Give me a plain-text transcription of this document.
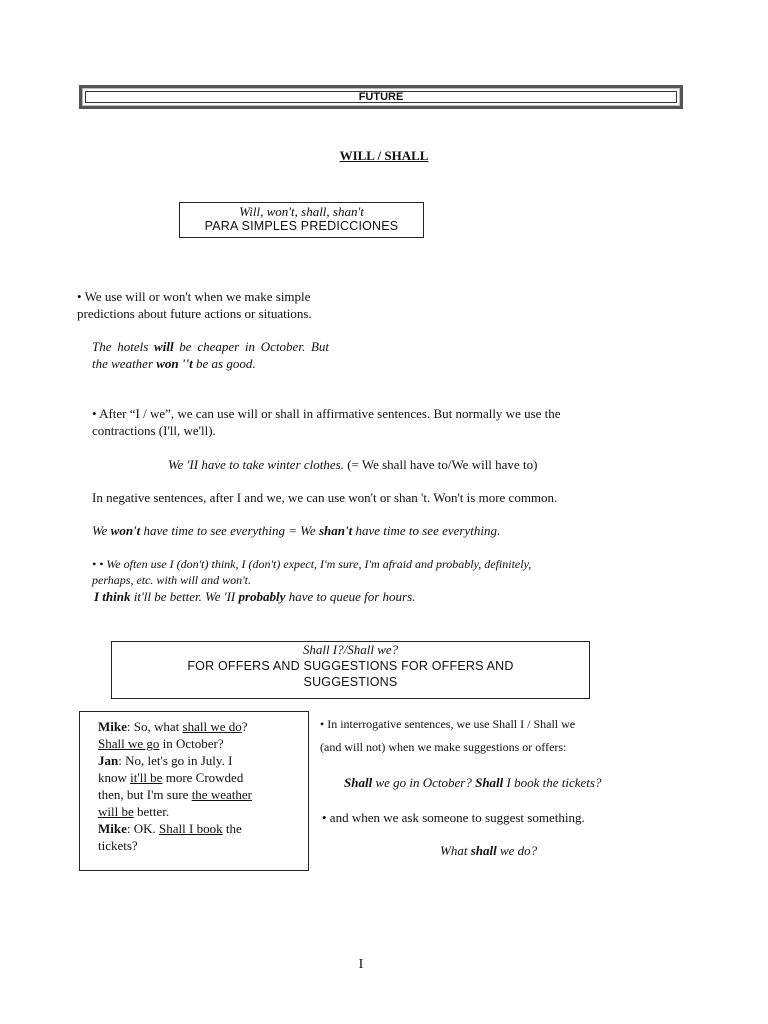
FUTURE
WILL / SHALL
Will, won't, shall, shan't
PARA SIMPLES PREDICCIONES
• We use will or won't when we make simple
predictions about future actions or situations.
The hotels will be cheaper in October. But the weather won ''t be as good.
• After “I / we”, we can use will or shall in affirmative sentences. But normally we use the
contractions (I'll, we'll).
We 'II have to take winter clothes. (= We shall have to/We will have to)
In negative sentences, after I and we, we can use won't or shan 't. Won't is more common.
We won't have time to see everything = We shan't have time to see everything.
• • We often use I (don't) think, I (don't) expect, I'm sure, I'm afraid and probably, definitely,
perhaps, etc. with will and won't.
I think it'll be better. We 'II probably have to queue for hours.
Shall I?/Shall we?
FOR OFFERS AND SUGGESTIONS FOR OFFERS AND
SUGGESTIONS
Mike: So, what shall we do?
Shall we go in October?
Jan: No, let's go in July. I
know it'll be more Crowded
then, but I'm sure the weather
will be better.
Mike: OK. Shall I book the
tickets?
• In interrogative sentences, we use Shall I / Shall we
(and will not) when we make suggestions or offers:
Shall we go in October? Shall I book the tickets?
• and when we ask someone to suggest something.
What shall we do?
I
